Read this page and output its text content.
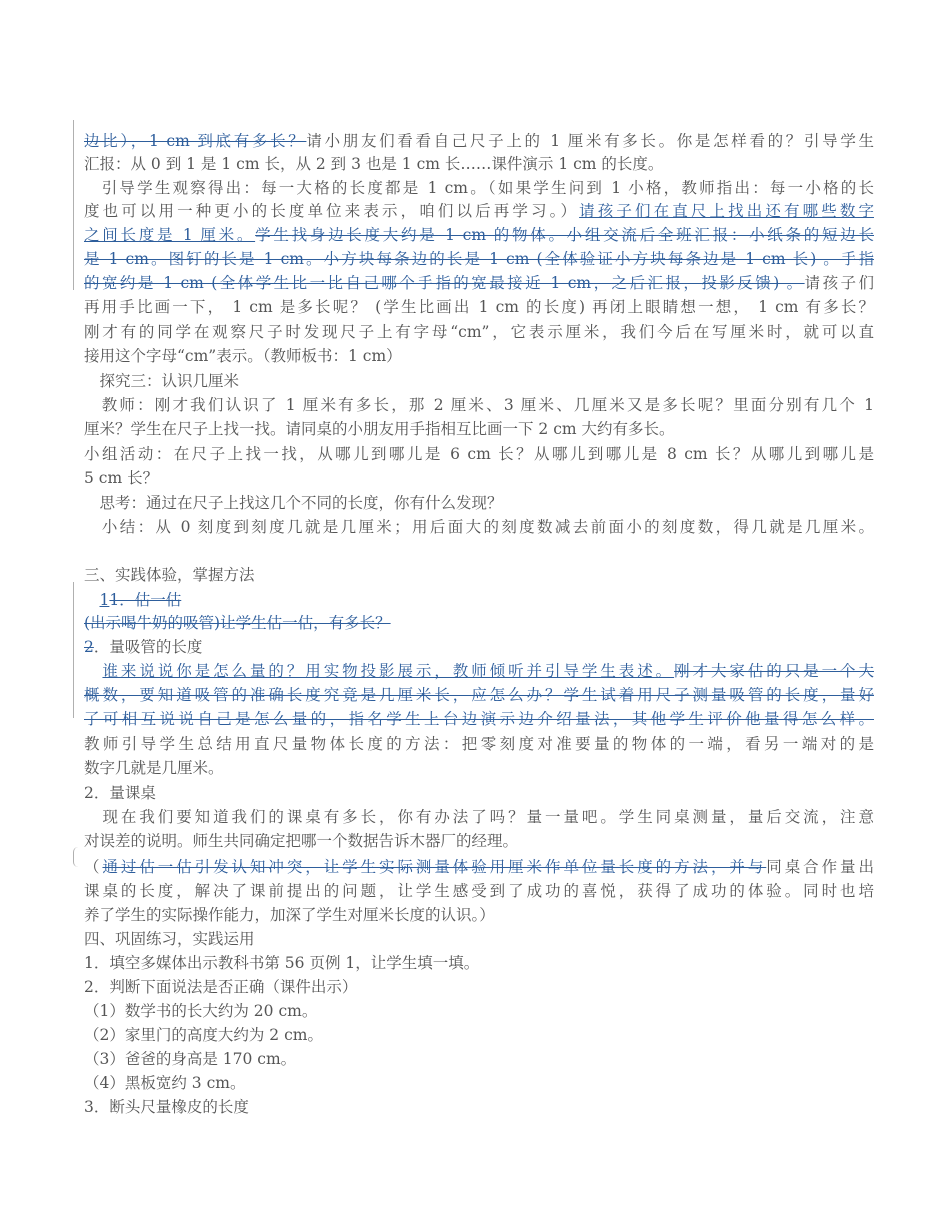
边比），1 cm 到底有多长？请小朋友们看看自己尺子上的 1 厘米有多长。你是怎样看的？引导学生
汇报：从 0 到 1 是 1 cm 长，从 2 到 3 也是 1 cm 长……课件演示 1 cm 的长度。
　引导学生观察得出：每一大格的长度都是 1 cm。（如果学生问到 1 小格，教师指出：每一小格的长
度也可以用一种更小的长度单位来表示，咱们以后再学习。）请孩子们在直尺上找出还有哪些数字
之间长度是 1 厘米。学生找身边长度大约是 1 cm 的物体。小组交流后全班汇报：小纸条的短边长
是 1 cm。图钉的长是 1 cm。小方块每条边的长是 1 cm (全体验证小方块每条边是 1 cm 长) 。手指
的宽约是 1 cm (全体学生比一比自己哪个手指的宽最接近 1 cm，之后汇报，投影反馈) 。请孩子们
再用手比画一下， 1 cm 是多长呢？ (学生比画出 1 cm 的长度) 再闭上眼睛想一想， 1 cm 有多长？
刚才有的同学在观察尺子时发现尺子上有字母“cm”，它表示厘米，我们今后在写厘米时，就可以直
接用这个字母“cm”表示。（教师板书：1 cm）
　探究三：认识几厘米
　教师：刚才我们认识了 1 厘米有多长，那 2 厘米、3 厘米、几厘米又是多长呢？里面分别有几个 1
厘米？学生在尺子上找一找。请同桌的小朋友用手指相互比画一下 2 cm 大约有多长。
小组活动：在尺子上找一找，从哪儿到哪儿是 6 cm 长？从哪儿到哪儿是 8 cm 长？从哪儿到哪儿是
5 cm 长？
　思考：通过在尺子上找这几个不同的长度，你有什么发现？
　小结：从 0 刻度到刻度几就是几厘米；用后面大的刻度数减去前面小的刻度数，得几就是几厘米。
三、实践体验，掌握方法
　11．估一估
(出示喝牛奶的吸管)让学生估一估，有多长？
2．量吸管的长度
　谁来说说你是怎么量的？用实物投影展示，教师倾听并引导学生表述。刚才大家估的只是一个大
概数，要知道吸管的准确长度究竟是几厘米长，应怎么办？学生试着用尺子测量吸管的长度，量好
了可相互说说自己是怎么量的，指名学生上台边演示边介绍量法，其他学生评价他量得怎么样。
教师引导学生总结用直尺量物体长度的方法：把零刻度对准要量的物体的一端，看另一端对的是
数字几就是几厘米。
2．量课桌
　现在我们要知道我们的课桌有多长，你有办法了吗？量一量吧。学生同桌测量，量后交流，注意
对误差的说明。师生共同确定把哪一个数据告诉木器厂的经理。
（通过估一估引发认知冲突，让学生实际测量体验用厘米作单位量长度的方法，并与同桌合作量出
课桌的长度，解决了课前提出的问题，让学生感受到了成功的喜悦，获得了成功的体验。同时也培
养了学生的实际操作能力，加深了学生对厘米长度的认识。）
四、巩固练习，实践运用
1．填空多媒体出示教科书第 56 页例 1，让学生填一填。
2．判断下面说法是否正确（课件出示）
（1）数学书的长大约为 20 cm。
（2）家里门的高度大约为 2 cm。
（3）爸爸的身高是 170 cm。
（4）黑板宽约 3 cm。
3．断头尺量橡皮的长度
